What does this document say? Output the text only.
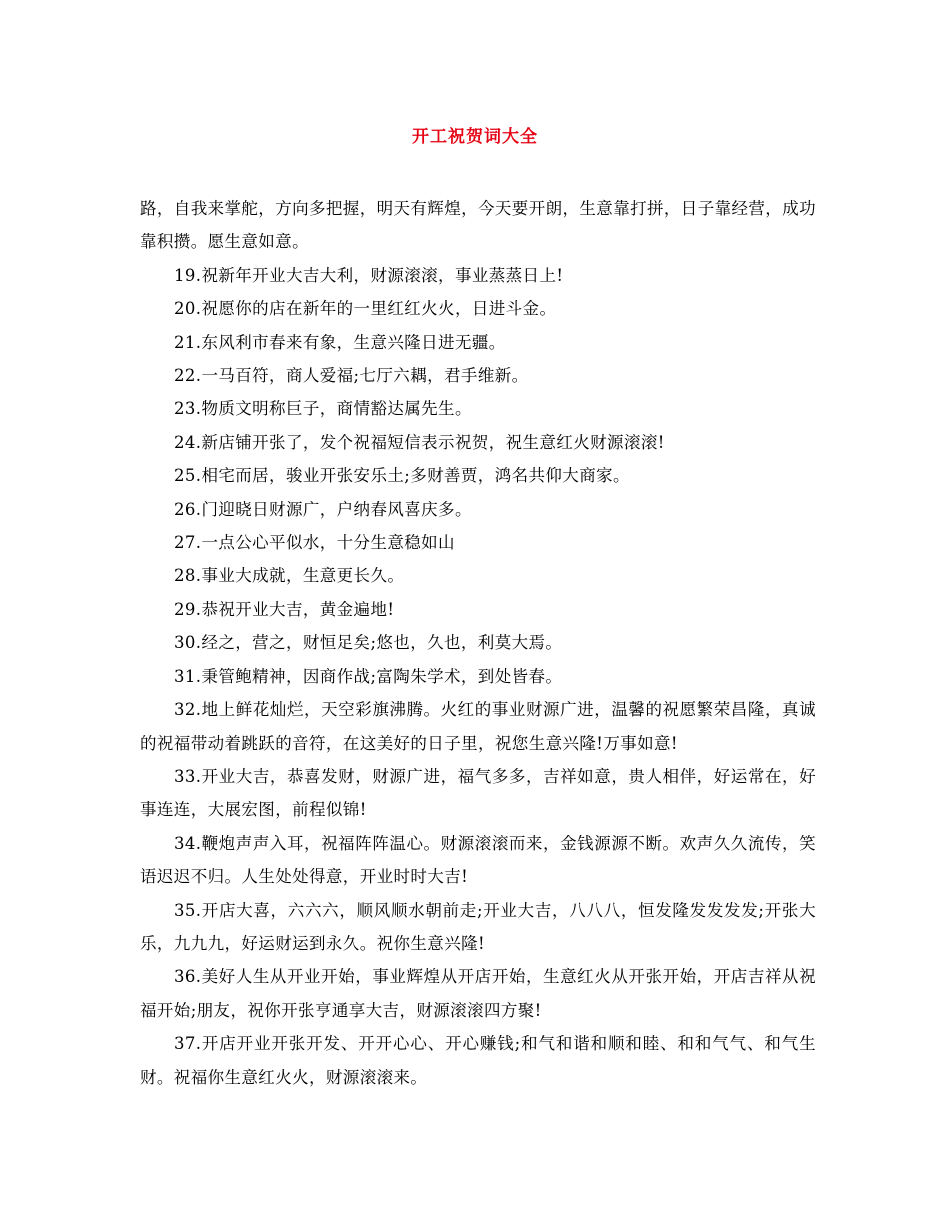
开工祝贺词大全

路，自我来掌舵，方向多把握，明天有辉煌，今天要开朗，生意靠打拼，日子靠经营，成功靠积攒。愿生意如意。

19.祝新年开业大吉大利，财源滚滚，事业蒸蒸日上!

20.祝愿你的店在新年的一里红红火火，日进斗金。

21.东风利市春来有象，生意兴隆日进无疆。

22.一马百符，商人爱福;七厅六耦，君手维新。

23.物质文明称巨子，商情豁达属先生。

24.新店铺开张了，发个祝福短信表示祝贺，祝生意红火财源滚滚!

25.相宅而居，骏业开张安乐土;多财善贾，鸿名共仰大商家。

26.门迎晓日财源广，户纳春风喜庆多。

27.一点公心平似水，十分生意稳如山

28.事业大成就，生意更长久。

29.恭祝开业大吉，黄金遍地!

30.经之，营之，财恒足矣;悠也，久也，利莫大焉。

31.秉管鲍精神，因商作战;富陶朱学术，到处皆春。

32.地上鲜花灿烂，天空彩旗沸腾。火红的事业财源广进，温馨的祝愿繁荣昌隆，真诚的祝福带动着跳跃的音符，在这美好的日子里，祝您生意兴隆!万事如意!

33.开业大吉，恭喜发财，财源广进，福气多多，吉祥如意，贵人相伴，好运常在，好事连连，大展宏图，前程似锦!

34.鞭炮声声入耳，祝福阵阵温心。财源滚滚而来，金钱源源不断。欢声久久流传，笑语迟迟不归。人生处处得意，开业时时大吉!

35.开店大喜，六六六，顺风顺水朝前走;开业大吉，八八八，恒发隆发发发发;开张大乐，九九九，好运财运到永久。祝你生意兴隆!

36.美好人生从开业开始，事业辉煌从开店开始，生意红火从开张开始，开店吉祥从祝福开始;朋友，祝你开张亨通享大吉，财源滚滚四方聚!

37.开店开业开张开发、开开心心、开心赚钱;和气和谐和顺和睦、和和气气、和气生财。祝福你生意红火火，财源滚滚来。
